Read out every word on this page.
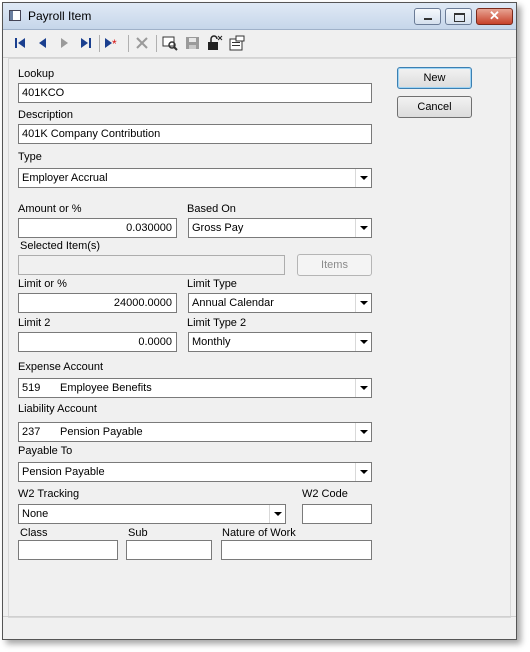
Payroll Item	✕
*
Lookup
401KCO
Description
401K Company Contribution
Type
Employer Accrual
Amount or %
0.030000
Based On
Gross Pay
Selected Item(s)
Items
Limit or %
24000.0000
Limit Type
Annual Calendar
Limit 2
0.0000
Limit Type 2
Monthly
Expense Account
519	Employee Benefits
Liability Account
237	Pension Payable
Payable To
Pension Payable
W2 Tracking
None
W2 Code
Class	Sub	Nature of Work
New
Cancel
